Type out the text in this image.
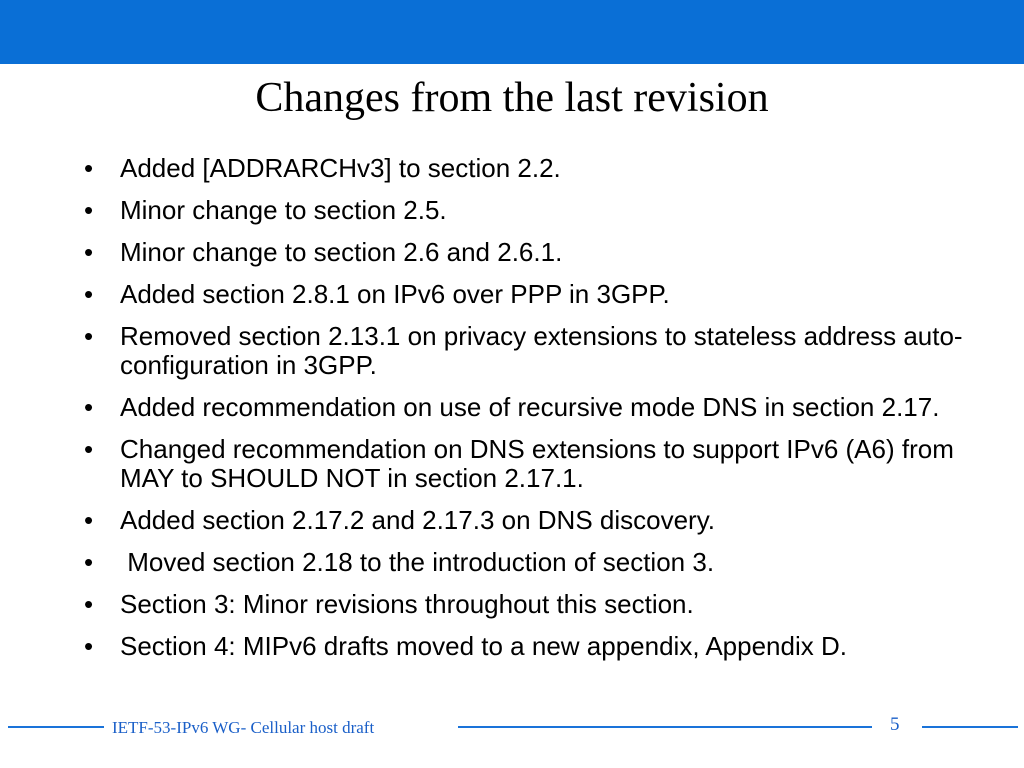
Changes from the last revision
• Added [ADDRARCHv3] to section 2.2.
• Minor change to section 2.5.
• Minor change to section 2.6 and 2.6.1.
• Added section 2.8.1 on IPv6 over PPP in 3GPP.
• Removed section 2.13.1 on privacy extensions to stateless address auto-configuration in 3GPP.
• Added recommendation on use of recursive mode DNS in section 2.17.
• Changed recommendation on DNS extensions to support IPv6 (A6) from MAY to SHOULD NOT in section 2.17.1.
• Added section 2.17.2 and 2.17.3 on DNS discovery.
• Moved section 2.18 to the introduction of section 3.
• Section 3: Minor revisions throughout this section.
• Section 4: MIPv6 drafts moved to a new appendix, Appendix D.
IETF-53-IPv6 WG- Cellular host draft	5
